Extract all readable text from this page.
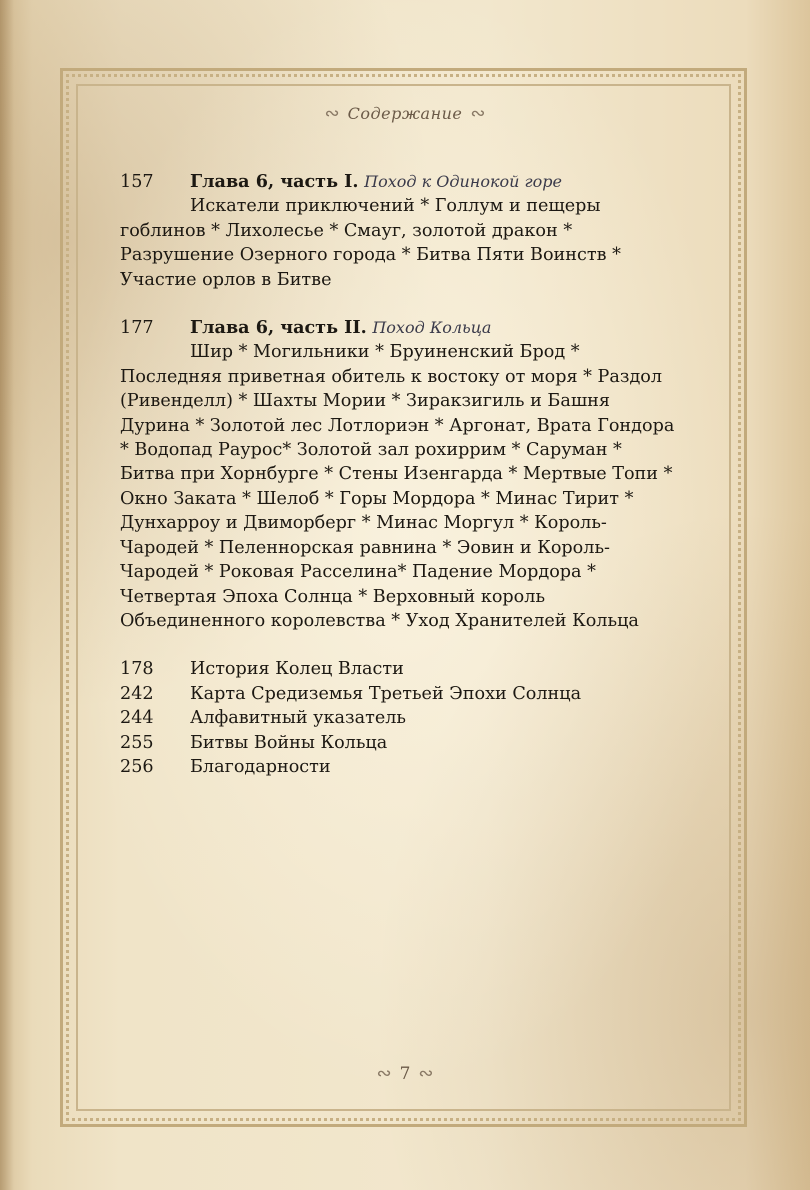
∾ Содержание ∾
157	Глава 6, часть I. Поход к Одинокой горе

Искатели приключений * Голлум и пещеры гоблинов * Лихолесье * Смауг, золотой дракон * Разрушение Озерного города * Битва Пяти Воинств * Участие орлов в Битве

177	Глава 6, часть II. Поход Кольца

Шир * Могильники * Бруиненский Брод * Последняя приветная обитель к востоку от моря * Раздол (Ривенделл) * Шахты Мории * Зиракзигиль и Башня Дурина * Золотой лес Лотлориэн * Аргонат, Врата Гондора * Водопад Раурос* Золотой зал рохиррим * Саруман * Битва при Хорнбурге * Стены Изенгарда * Мертвые Топи * Окно Заката * Шелоб * Горы Мордора * Минас Тирит * Дунхарроу и Двиморберг * Минас Моргул * Король-Чародей * Пеленнорская равнина * Эовин и Король-Чародей * Роковая Расселина* Падение Мордора * Четвертая Эпоха Солнца * Верховный король Объединенного королевства * Уход Хранителей Кольца

178	История Колец Власти
242	Карта Средиземья Третьей Эпохи Солнца
244	Алфавитный указатель
255	Битвы Войны Кольца
256	Благодарности
∾ 7 ∾
